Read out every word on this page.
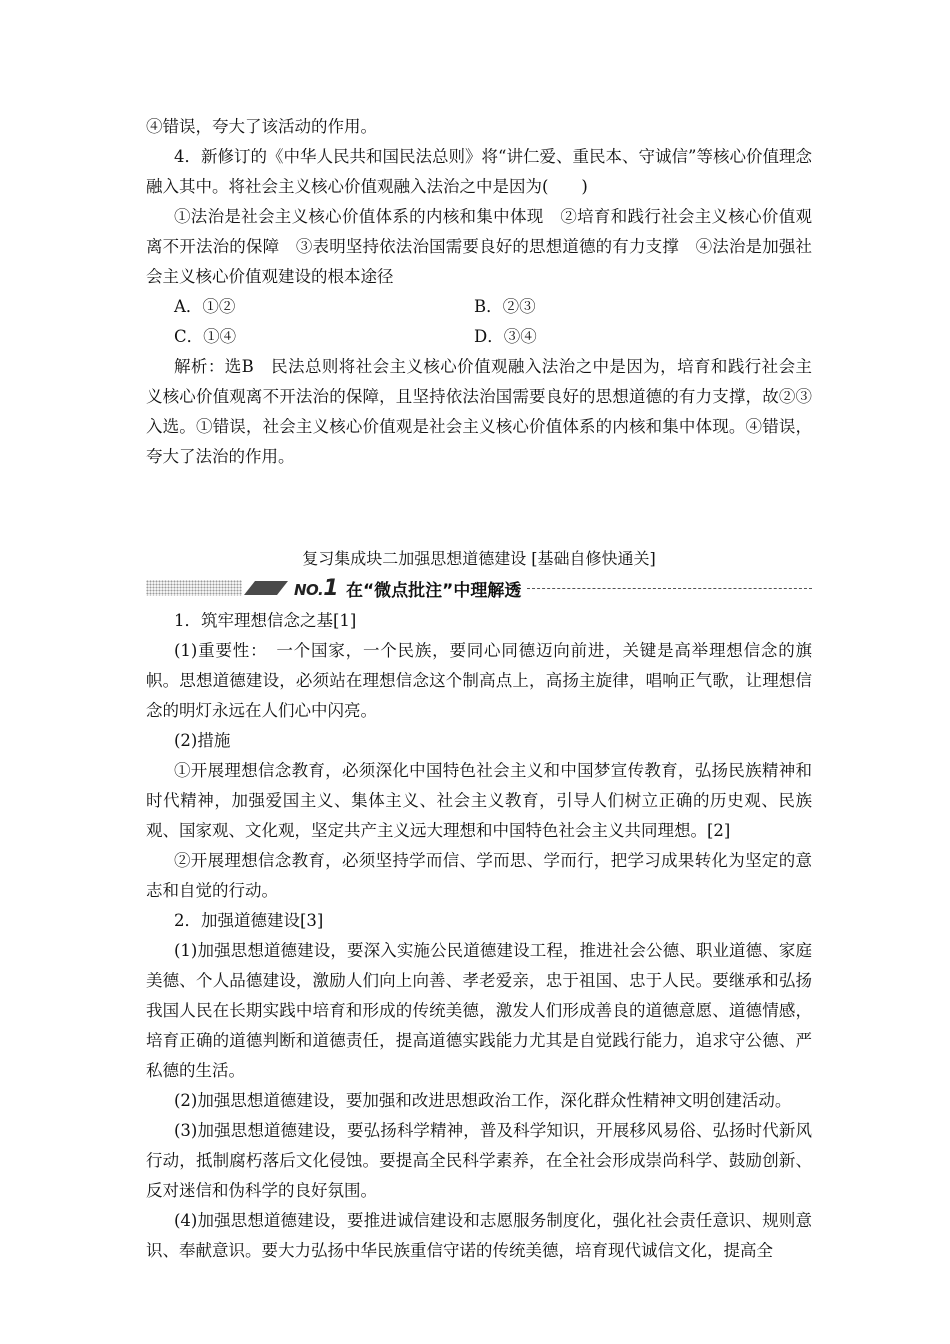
④错误，夸大了该活动的作用。

4．新修订的《中华人民共和国民法总则》将“讲仁爱、重民本、守诚信”等核心价值理念融入其中。将社会主义核心价值观融入法治之中是因为(　　)

①法治是社会主义核心价值体系的内核和集中体现　②培育和践行社会主义核心价值观离不开法治的保障　③表明坚持依法治国需要良好的思想道德的有力支撑　④法治是加强社会主义核心价值观建设的根本途径

A．①②	B．②③
C．①④	D．③④

解析：选B　民法总则将社会主义核心价值观融入法治之中是因为，培育和践行社会主义核心价值观离不开法治的保障，且坚持依法治国需要良好的思想道德的有力支撑，故②③入选。①错误，社会主义核心价值观是社会主义核心价值体系的内核和集中体现。④错误，夸大了法治的作用。

复习集成块二加强思想道德建设 [基础自修快通关]
NO.1 在“微点批注”中理解透
1．筑牢理想信念之基[1]

(1)重要性：　一个国家，一个民族，要同心同德迈向前进，关键是高举理想信念的旗帜。思想道德建设，必须站在理想信念这个制高点上，高扬主旋律，唱响正气歌，让理想信念的明灯永远在人们心中闪亮。

(2)措施

①开展理想信念教育，必须深化中国特色社会主义和中国梦宣传教育，弘扬民族精神和时代精神，加强爱国主义、集体主义、社会主义教育，引导人们树立正确的历史观、民族观、国家观、文化观，坚定共产主义远大理想和中国特色社会主义共同理想。[2]

②开展理想信念教育，必须坚持学而信、学而思、学而行，把学习成果转化为坚定的意志和自觉的行动。

2．加强道德建设[3]

(1)加强思想道德建设，要深入实施公民道德建设工程，推进社会公德、职业道德、家庭美德、个人品德建设，激励人们向上向善、孝老爱亲，忠于祖国、忠于人民。要继承和弘扬我国人民在长期实践中培育和形成的传统美德，激发人们形成善良的道德意愿、道德情感，培育正确的道德判断和道德责任，提高道德实践能力尤其是自觉践行能力，追求守公德、严私德的生活。

(2)加强思想道德建设，要加强和改进思想政治工作，深化群众性精神文明创建活动。

(3)加强思想道德建设，要弘扬科学精神，普及科学知识，开展移风易俗、弘扬时代新风行动，抵制腐朽落后文化侵蚀。要提高全民科学素养，在全社会形成崇尚科学、鼓励创新、反对迷信和伪科学的良好氛围。

(4)加强思想道德建设，要推进诚信建设和志愿服务制度化，强化社会责任意识、规则意识、奉献意识。要大力弘扬中华民族重信守诺的传统美德，培育现代诚信文化，提高全
